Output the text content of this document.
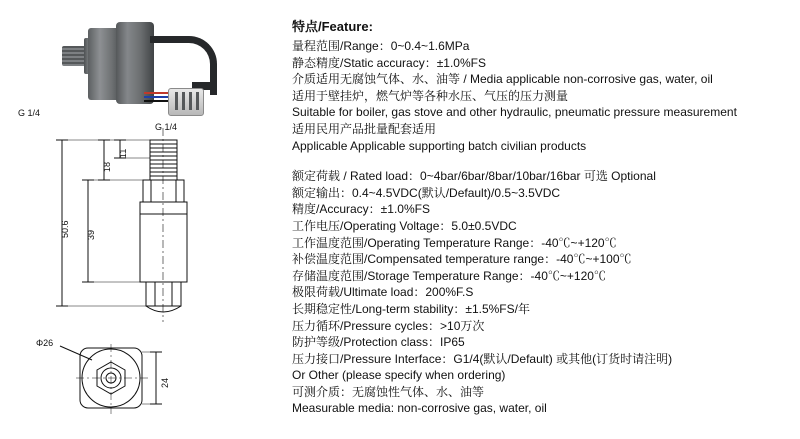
G 1/4
G 1/4
11
18
39
50.6
Φ26
24
特点/Feature:
量程范围/Range：0~0.4~1.6MPa
静态精度/Static accuracy：±1.0%FS
介质适用无腐蚀气体、水、油等 / Media applicable non-corrosive gas, water, oil
适用于壁挂炉，燃气炉等各种水压、气压的压力测量
Suitable for boiler, gas stove and other hydraulic, pneumatic pressure measurement
适用民用产品批量配套适用
Applicable Applicable supporting batch civilian products
额定荷载 / Rated load：0~4bar/6bar/8bar/10bar/16bar 可选 Optional
额定输出：0.4~4.5VDC(默认/Default)/0.5~3.5VDC
精度/Accuracy：±1.0%FS
工作电压/Operating Voltage：5.0±0.5VDC
工作温度范围/Operating Temperature Range：-40℃~+120℃
补偿温度范围/Compensated temperature range：-40℃~+100℃
存储温度范围/Storage Temperature Range：-40℃~+120℃
极限荷载/Ultimate load：200%F.S
长期稳定性/Long-term stability：±1.5%FS/年
压力循环/Pressure cycles：>10万次
防护等级/Protection class：IP65
压力接口/Pressure Interface：G1/4(默认/Default) 或其他(订货时请注明)
Or Other (please specify when ordering)
可测介质：无腐蚀性气体、水、油等
Measurable media: non-corrosive gas, water, oil
